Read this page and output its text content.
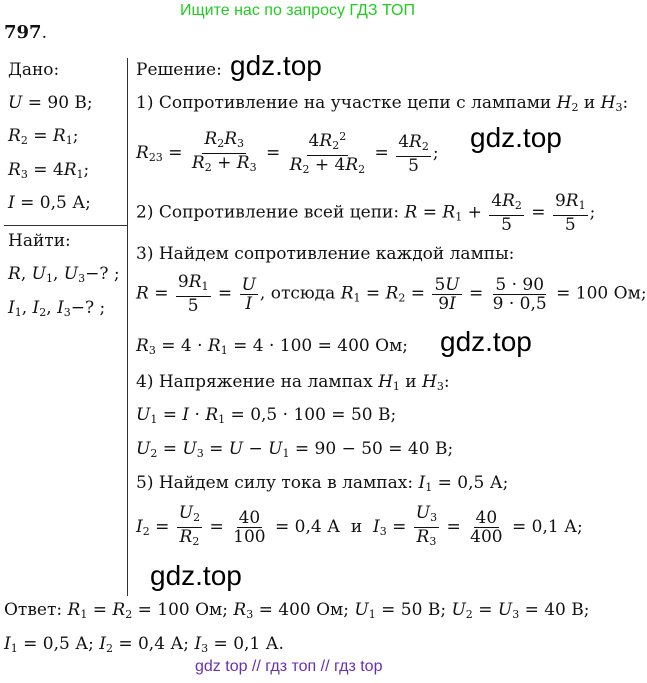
Ищите нас по запросу ГДЗ ТОП
797.
Дано:
U = 90 В;
$R_2 = R_1$;
$R_3 = 4R_1$;
I = 0,5 А;
Найти:
R, $U_1$, $U_3-$? ;
$I_1$, $I_2$, $I_3-$? ;
Решение:
1) Сопротивление на участке цепи с лампами $H_2$ и $H_3$:
$R_{23} = \frac{R_2R_3}{R_2 + R_3} = \frac{4R_2^2}{R_2 + 4R_2} = \frac{4R_2}{5}$ ;
2) Сопротивление всей цепи: $R = R_1 + \frac{4R_2}{5} = \frac{9R_1}{5}$ ;
3) Найдем сопротивление каждой лампы:
$R = \frac{9R_1}{5} = \frac{U}{I}$ , отсюда $R_1 = R_2 = \frac{5U}{9I} = \frac{5 \cdot 90}{9 \cdot 0,5} = 100$ Ом;
$R_3 = 4 \cdot R_1 = 4 \cdot 100 = 400$ Ом;
4) Напряжение на лампах $H_1$ и $H_3$:
$U_1 = I \cdot R_1 = 0,5 \cdot 100 = 50$ В;
$U_2 = U_3 = U - U_1 = 90 - 50 = 40$ В;
5) Найдем силу тока в лампах: $I_1 = 0,5$ А;
$I_2 = \frac{U_2}{R_2} = \frac{40}{100} = 0,4$ А  и $I_3 = \frac{U_3}{R_3} = \frac{40}{400} = 0,1$ А;
Ответ: $R_1 = R_2 = 100$ Ом; $R_3 = 400$ Ом; $U_1 = 50$ В; $U_2 = U_3 = 40$ В;
$I_1 = 0,5$ А; $I_2 = 0,4$ А; $I_3 = 0,1$ А.
gdz.top
gdz.top
gdz.top
gdz.top
gdz top // гдз топ // гдз top
